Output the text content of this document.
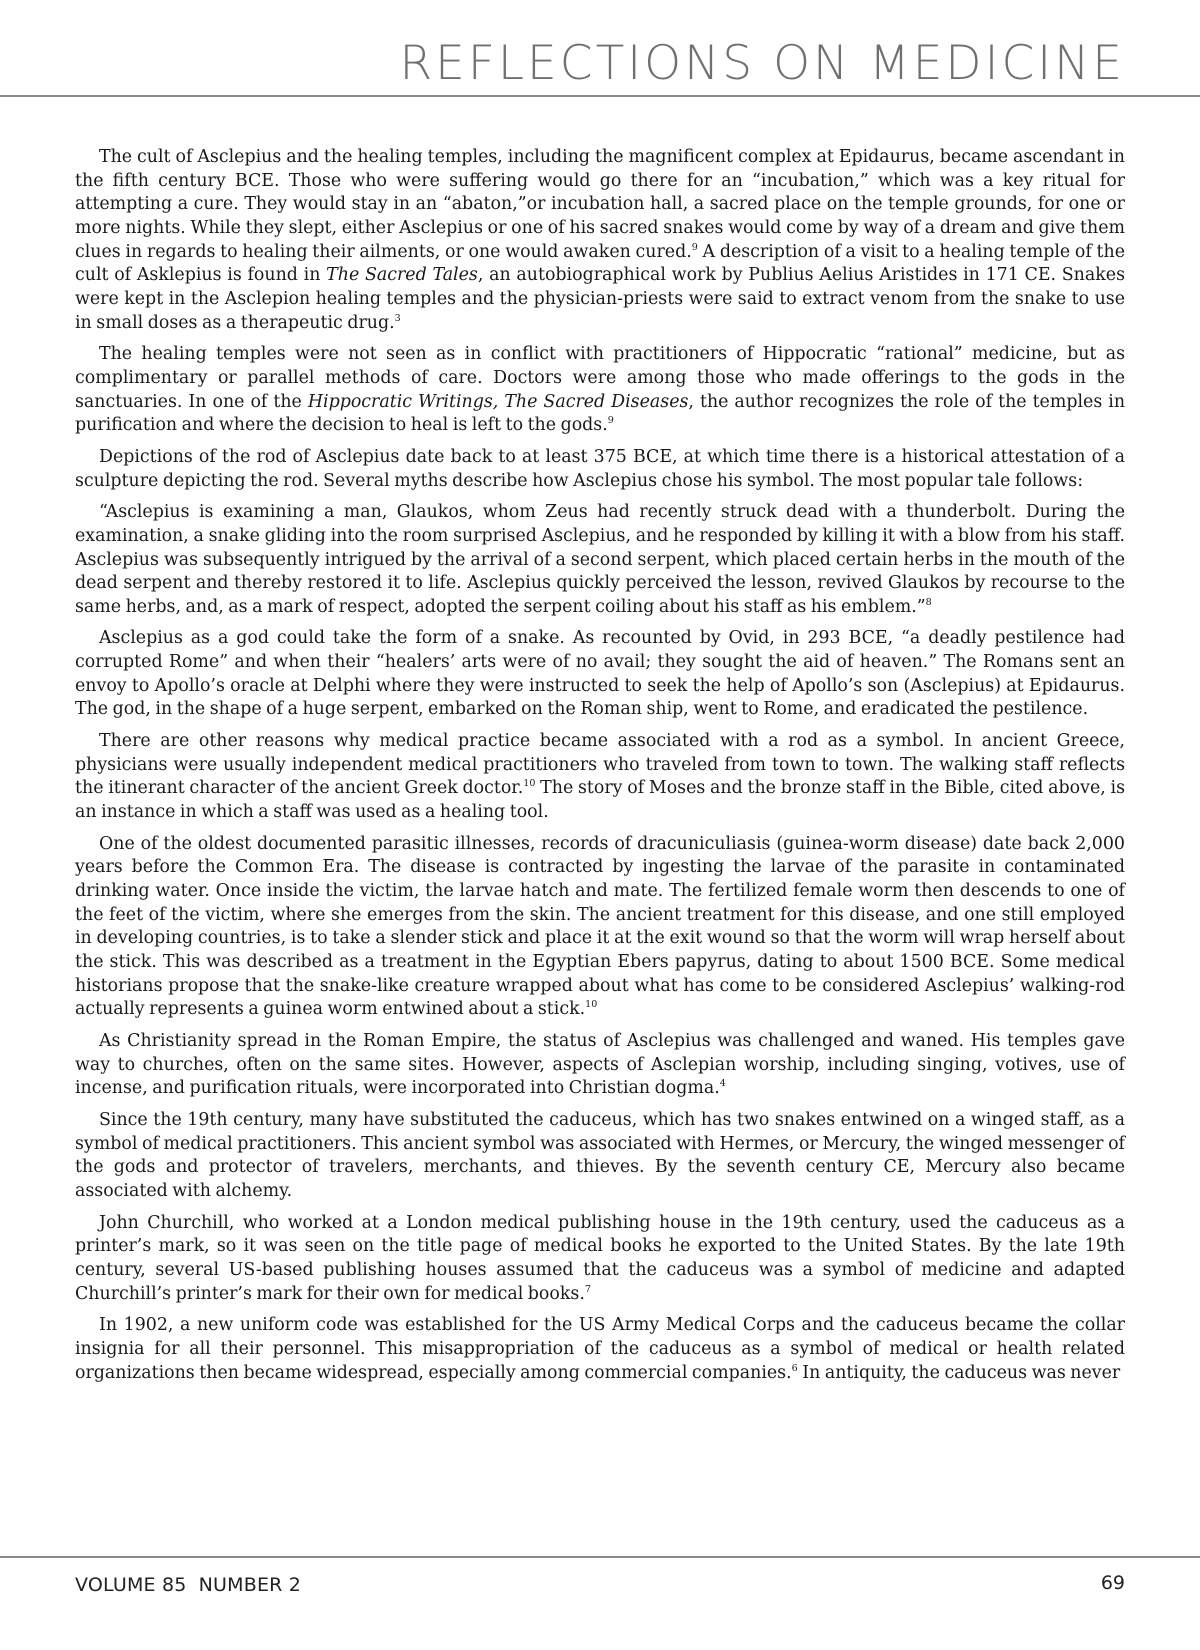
REFLECTIONS ON MEDICINE

The cult of Asclepius and the healing temples, including the magnificent complex at Epidaurus, became ascendant in the fifth century BCE. Those who were suffering would go there for an “incubation,” which was a key ritual for attempting a cure. They would stay in an “abaton,”or incubation hall, a sacred place on the temple grounds, for one or more nights. While they slept, either Asclepius or one of his sacred snakes would come by way of a dream and give them clues in regards to healing their ailments, or one would awaken cured.$^9$ A description of a visit to a healing temple of the cult of Asklepius is found in The Sacred Tales, an autobiographical work by Publius Aelius Aristides in 171 CE. Snakes were kept in the Asclepion healing temples and the physician-priests were said to extract venom from the snake to use in small doses as a therapeutic drug.$^3$

The healing temples were not seen as in conflict with practitioners of Hippocratic “rational” medicine, but as complimentary or parallel methods of care. Doctors were among those who made offerings to the gods in the sanctuaries. In one of the Hippocratic Writings, The Sacred Diseases, the author recognizes the role of the temples in purification and where the decision to heal is left to the gods.$^9$

Depictions of the rod of Asclepius date back to at least 375 BCE, at which time there is a historical attestation of a sculpture depicting the rod. Several myths describe how Asclepius chose his symbol. The most popular tale follows:

“Asclepius is examining a man, Glaukos, whom Zeus had recently struck dead with a thunderbolt. During the examination, a snake gliding into the room surprised Asclepius, and he responded by killing it with a blow from his staff. Asclepius was subsequently intrigued by the arrival of a second serpent, which placed certain herbs in the mouth of the dead serpent and thereby restored it to life. Asclepius quickly perceived the lesson, revived Glaukos by recourse to the same herbs, and, as a mark of respect, adopted the serpent coiling about his staff as his emblem.”$^8$

Asclepius as a god could take the form of a snake. As recounted by Ovid, in 293 BCE, “a deadly pestilence had corrupted Rome” and when their “healers’ arts were of no avail; they sought the aid of heaven.” The Romans sent an envoy to Apollo’s oracle at Delphi where they were instructed to seek the help of Apollo’s son (Asclepius) at Epidaurus. The god, in the shape of a huge serpent, embarked on the Roman ship, went to Rome, and eradicated the pestilence.

There are other reasons why medical practice became associated with a rod as a symbol. In ancient Greece, physicians were usually independent medical practitioners who traveled from town to town. The walking staff reflects the itinerant character of the ancient Greek doctor.$^{10}$ The story of Moses and the bronze staff in the Bible, cited above, is an instance in which a staff was used as a healing tool.

One of the oldest documented parasitic illnesses, records of dracuniculiasis (guinea-worm disease) date back 2,000 years before the Common Era. The disease is contracted by ingesting the larvae of the parasite in contaminated drinking water. Once inside the victim, the larvae hatch and mate. The fertilized female worm then descends to one of the feet of the victim, where she emerges from the skin. The ancient treatment for this disease, and one still employed in developing countries, is to take a slender stick and place it at the exit wound so that the worm will wrap herself about the stick. This was described as a treatment in the Egyptian Ebers papyrus, dating to about 1500 BCE. Some medical historians propose that the snake-like creature wrapped about what has come to be considered Asclepius’ walking-rod actually represents a guinea worm entwined about a stick.$^{10}$

As Christianity spread in the Roman Empire, the status of Asclepius was challenged and waned. His temples gave way to churches, often on the same sites. However, aspects of Asclepian worship, including singing, votives, use of incense, and purification rituals, were incorporated into Christian dogma.$^4$

Since the 19th century, many have substituted the caduceus, which has two snakes entwined on a winged staff, as a symbol of medical practitioners. This ancient symbol was associated with Hermes, or Mercury, the winged messenger of the gods and protector of travelers, merchants, and thieves. By the seventh century CE, Mercury also became associated with alchemy.

John Churchill, who worked at a London medical publishing house in the 19th century, used the caduceus as a printer’s mark, so it was seen on the title page of medical books he exported to the United States. By the late 19th century, several US-based publishing houses assumed that the caduceus was a symbol of medicine and adapted Churchill’s printer’s mark for their own for medical books.$^7$

In 1902, a new uniform code was established for the US Army Medical Corps and the caduceus became the collar insignia for all their personnel. This misappropriation of the caduceus as a symbol of medical or health related organizations then became widespread, especially among commercial companies.$^6$ In antiquity, the caduceus was never

VOLUME 85 NUMBER 2	69
